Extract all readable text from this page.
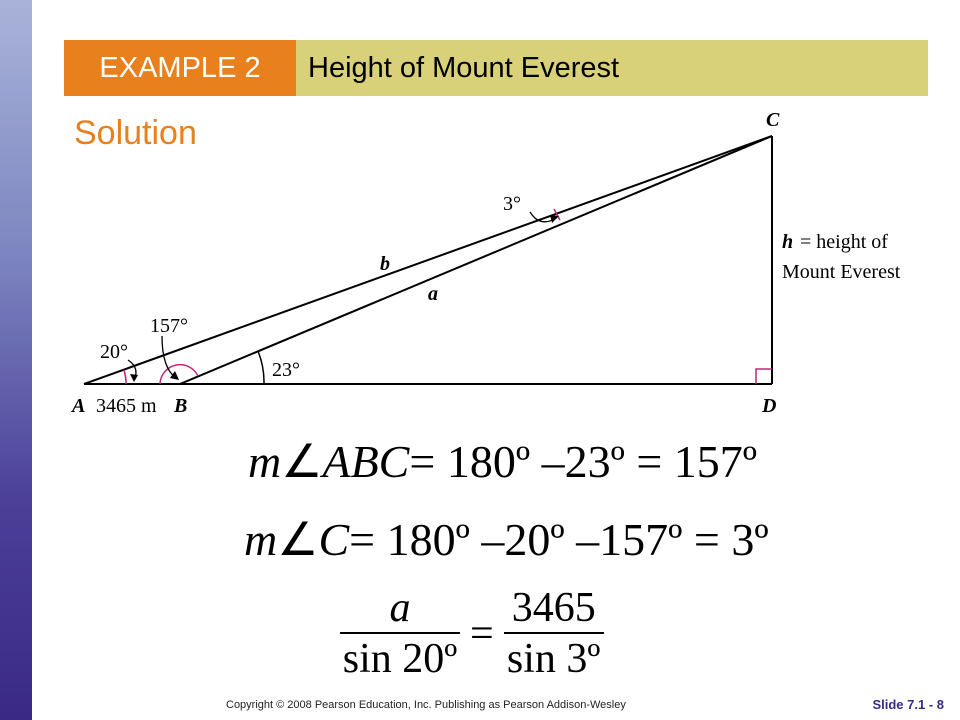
EXAMPLE 2	Height of Mount Everest
Solution	C
3°
b
a
157°
20°
23°
A 3465 m B	D
h = height of
Mount Everest
m∠ABC= 180º –23º = 157º
m∠C= 180º –20º –157º = 3º
a
sin 20º
=
3465
sin 3º
Copyright © 2008 Pearson Education, Inc. Publishing as Pearson Addison-Wesley	Slide 7.1 - 8
